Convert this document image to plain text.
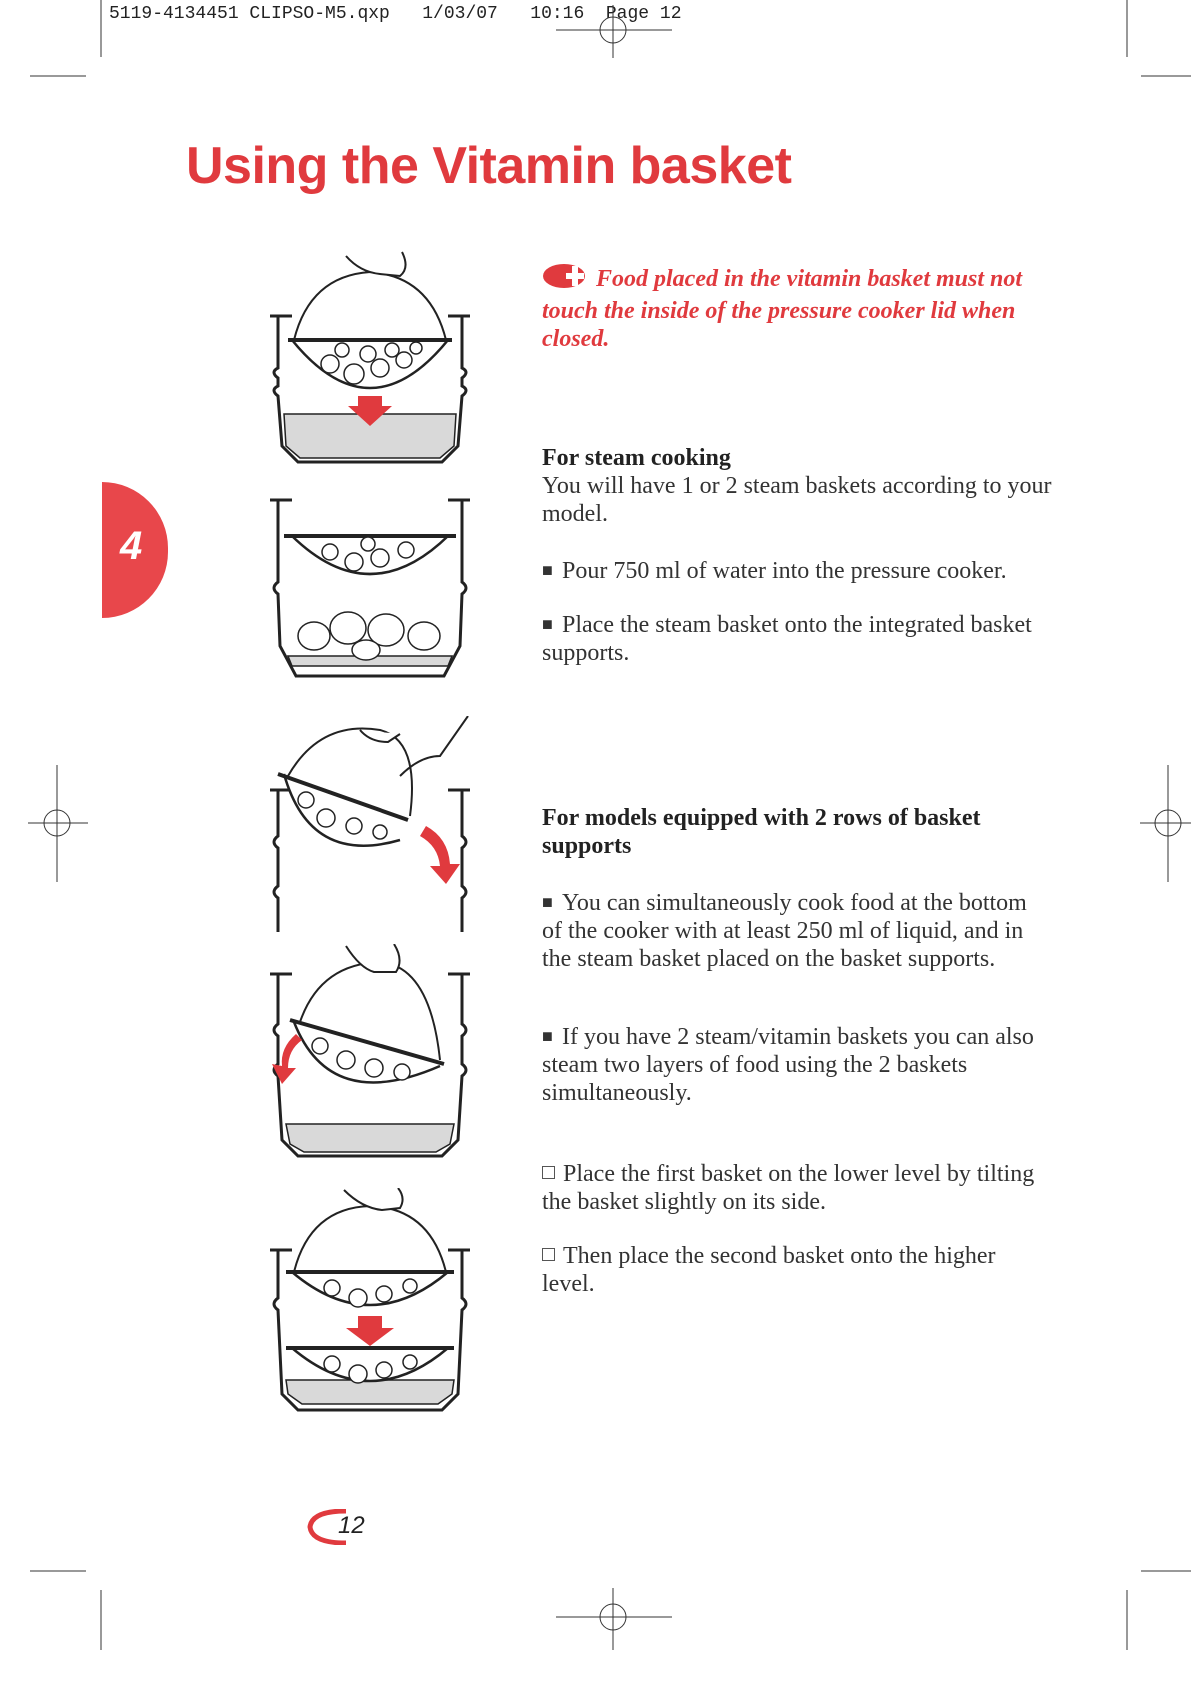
5119-4134451 CLIPSO-M5.qxp   1/03/07   10:16  Page 12
Using the Vitamin basket
4

Food placed in the vitamin basket must not touch the inside of the pressure cooker lid when closed.

For steam cooking

You will have 1 or 2 steam baskets according to your model.

■ Pour 750 ml of water into the pressure cooker.

■ Place the steam basket onto the integrated basket supports.

For models equipped with 2 rows of basket supports

■ You can simultaneously cook food at the bottom of the cooker with at least 250 ml of liquid, and in the steam basket placed on the basket supports.

■ If you have 2 steam/vitamin baskets you can also steam two layers of food using the 2 baskets simultaneously.

Place the first basket on the lower level by tilting the basket slightly on its side.

Then place the second basket onto the higher level.

12
